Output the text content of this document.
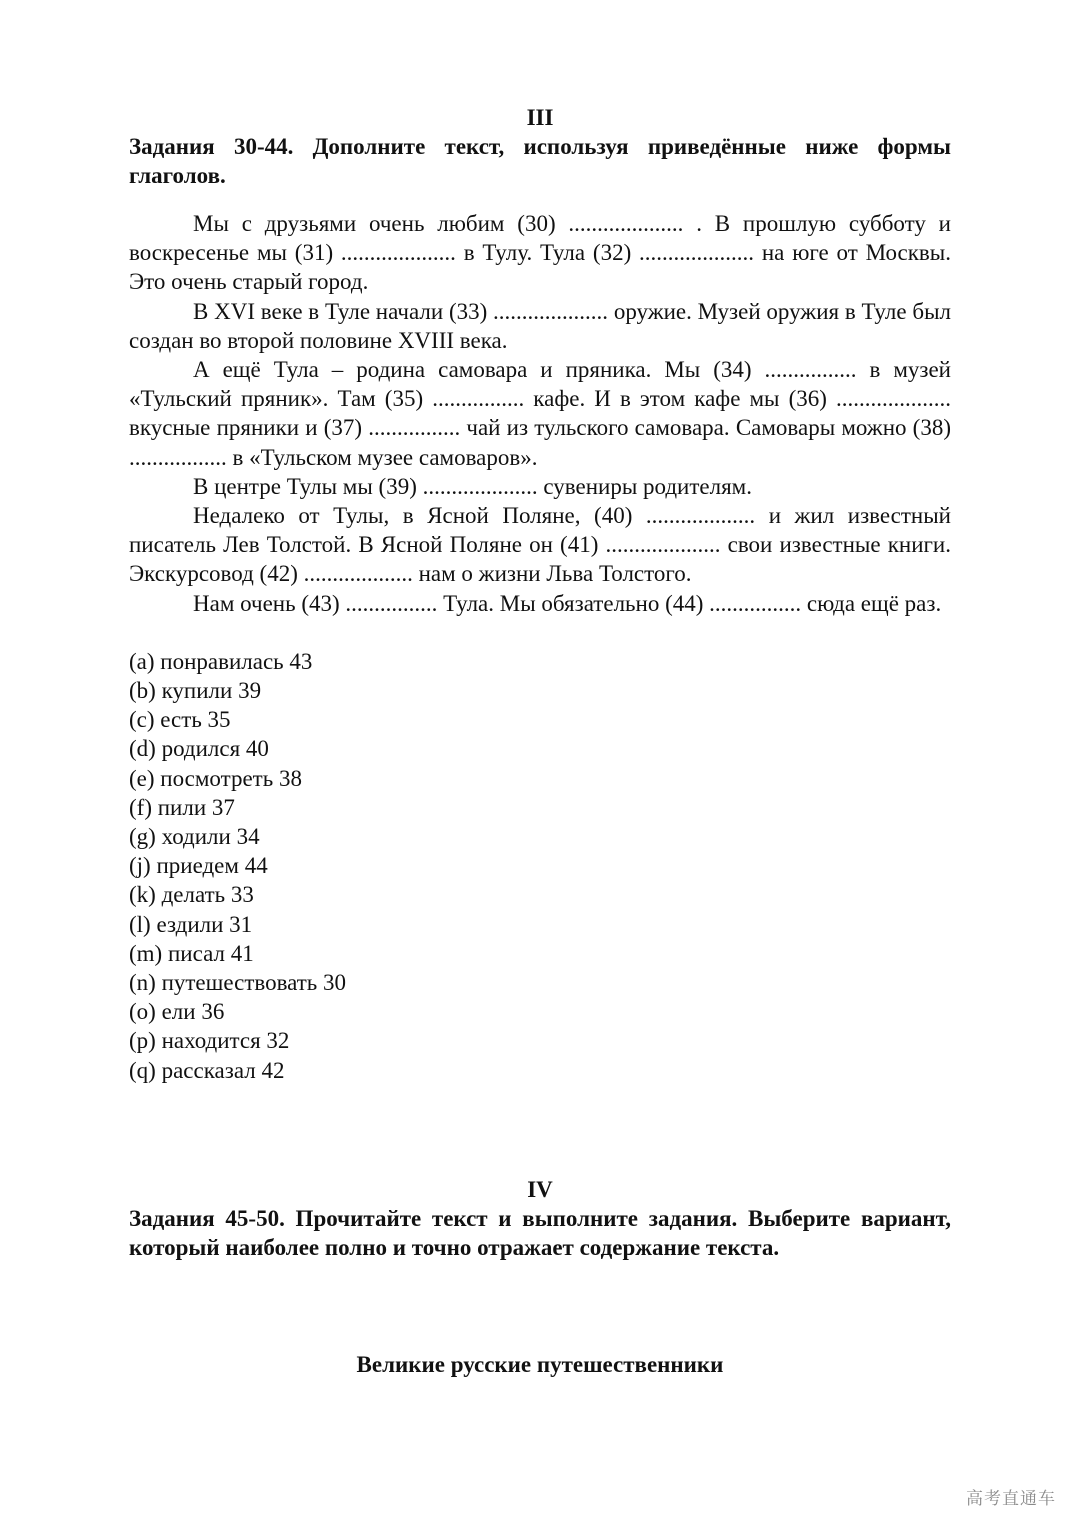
III

Задания 30-44. Дополните текст, используя приведённые ниже формы глаголов.

Мы с друзьями очень любим (30) .................... . В прошлую субботу и воскресенье мы (31) .................... в Тулу. Тула (32) .................... на юге от Москвы. Это очень старый город.

В XVI веке в Туле начали (33) .................... оружие. Музей оружия в Туле был создан во второй половине XVIII века.

А ещё Тула – родина самовара и пряника. Мы (34) ................ в музей «Тульский пряник». Там (35) ................ кафе. И в этом кафе мы (36) .................... вкусные пряники и (37) ................ чай из тульского самовара. Самовары можно (38) ................. в «Тульском музее самоваров».

В центре Тулы мы (39) .................... сувениры родителям.

Недалеко от Тулы, в Ясной Поляне, (40) ................... и жил известный писатель Лев Толстой. В Ясной Поляне он (41) .................... свои известные книги. Экскурсовод (42) ................... нам о жизни Льва Толстого.

Нам очень (43) ................ Тула. Мы обязательно (44) ................ сюда ещё раз.

(a) понравилась 43
(b) купили 39
(c) есть 35
(d) родился 40
(e) посмотреть 38
(f) пили 37
(g) ходили 34
(j) приедем 44
(k) делать 33
(l) ездили 31
(m) писал 41
(n) путешествовать 30
(o) ели 36
(p) находится 32
(q) рассказал 42

IV

Задания 45-50. Прочитайте текст и выполните задания. Выберите вариант, который наиболее полно и точно отражает содержание текста.

Великие русские путешественники
高考直通车
